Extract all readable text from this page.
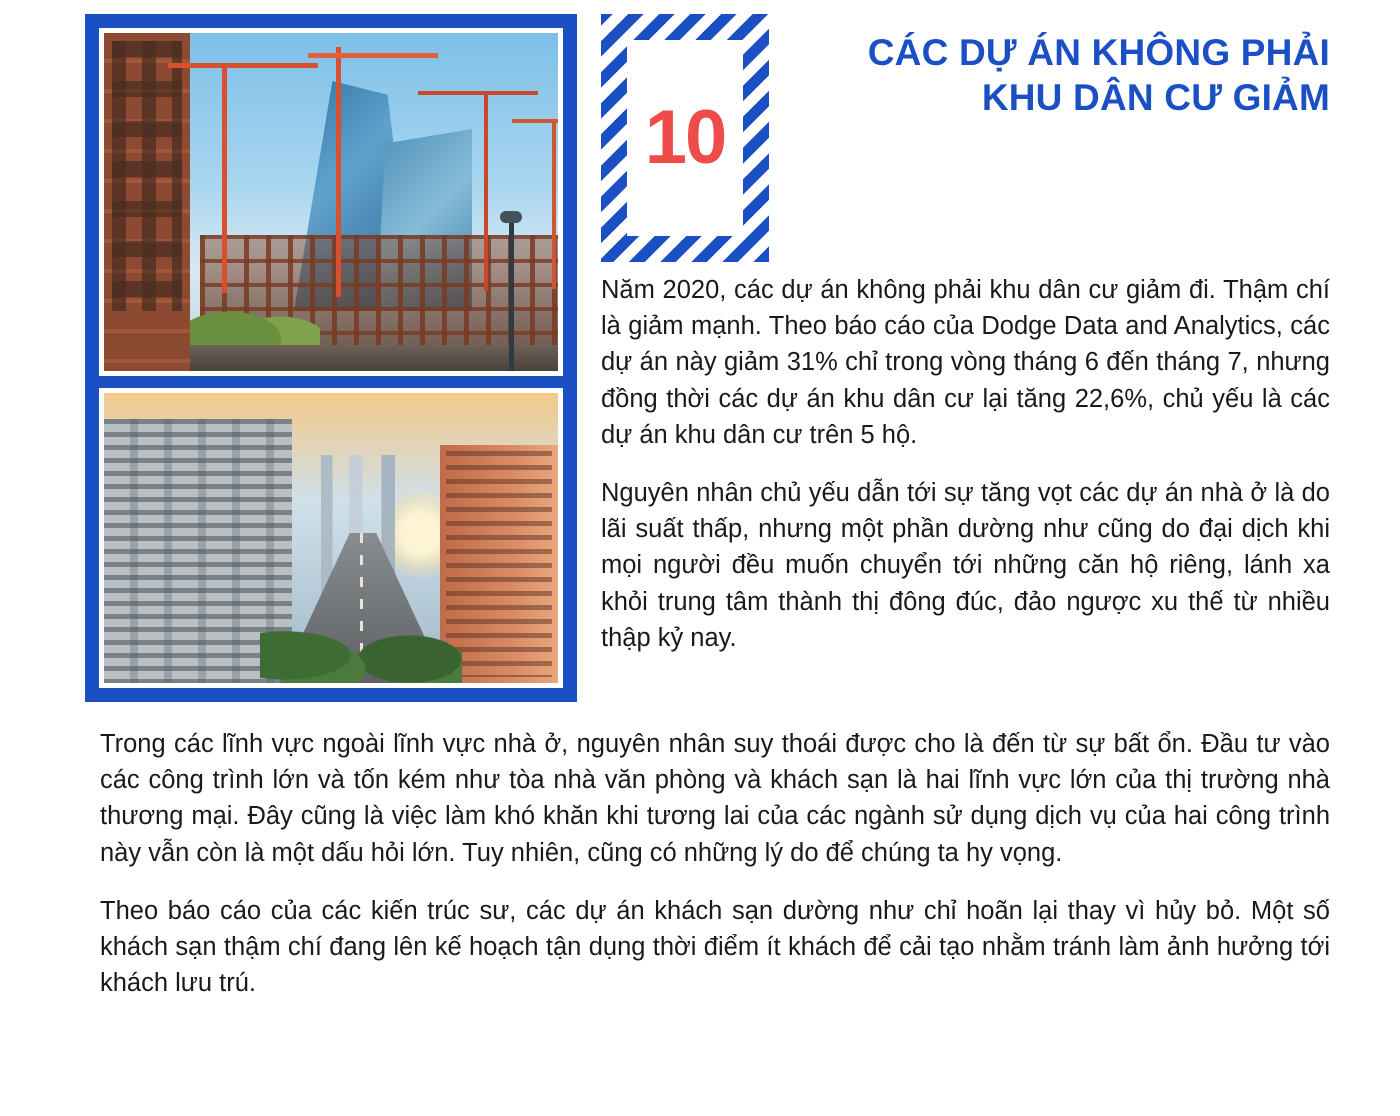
10
CÁC DỰ ÁN KHÔNG PHẢI
KHU DÂN CƯ GIẢM

Năm 2020, các dự án không phải khu dân cư giảm đi. Thậm chí là giảm mạnh. Theo báo cáo của Dodge Data and Analytics, các dự án này giảm 31% chỉ trong vòng tháng 6 đến tháng 7, nhưng đồng thời các dự án khu dân cư lại tăng 22,6%, chủ yếu là các dự án khu dân cư trên 5 hộ.

Nguyên nhân chủ yếu dẫn tới sự tăng vọt các dự án nhà ở là do lãi suất thấp, nhưng một phần dường như cũng do đại dịch khi mọi người đều muốn chuyển tới những căn hộ riêng, lánh xa khỏi trung tâm thành thị đông đúc, đảo ngược xu thế từ nhiều thập kỷ nay.

Trong các lĩnh vực ngoài lĩnh vực nhà ở, nguyên nhân suy thoái được cho là đến từ sự bất ổn. Đầu tư vào các công trình lớn và tốn kém như tòa nhà văn phòng và khách sạn là hai lĩnh vực lớn của thị trường nhà thương mại. Đây cũng là việc làm khó khăn khi tương lai của các ngành sử dụng dịch vụ của hai công trình này vẫn còn là một dấu hỏi lớn. Tuy nhiên, cũng có những lý do để chúng ta hy vọng.

Theo báo cáo của các kiến trúc sư, các dự án khách sạn dường như chỉ hoãn lại thay vì hủy bỏ. Một số khách sạn thậm chí đang lên kế hoạch tận dụng thời điểm ít khách để cải tạo nhằm tránh làm ảnh hưởng tới khách lưu trú.
